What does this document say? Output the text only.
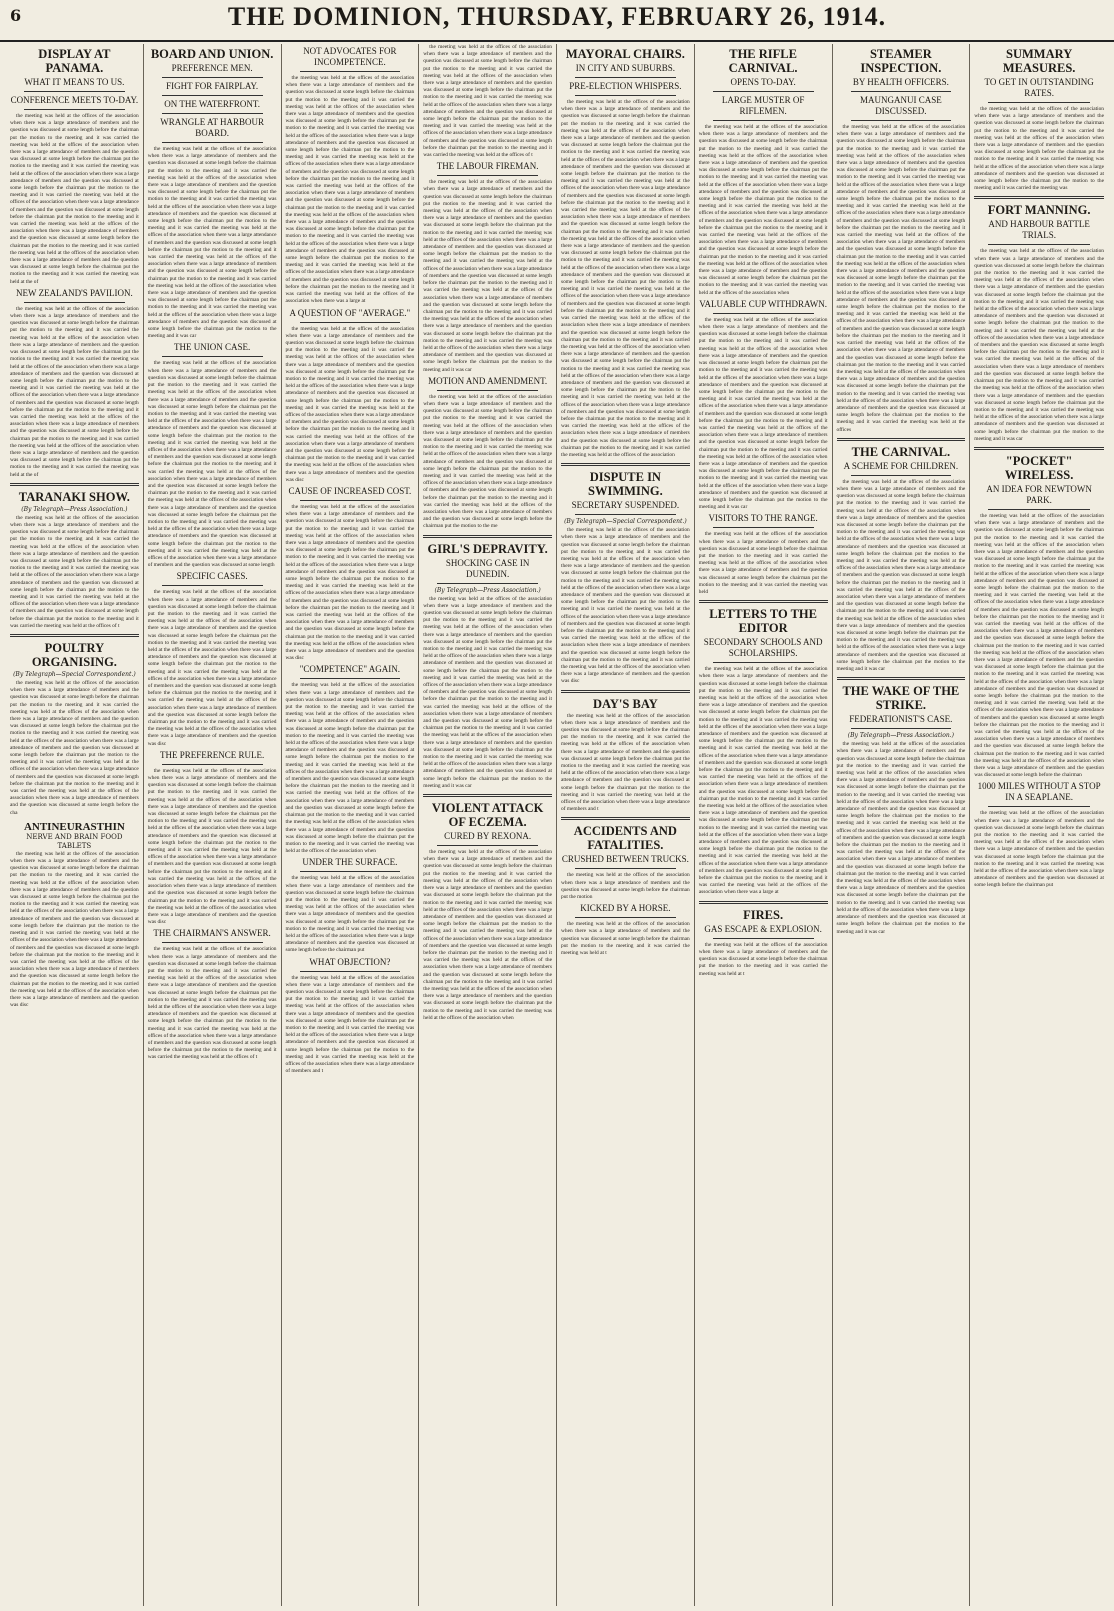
6	THE DOMINION, THURSDAY, FEBRUARY 26, 1914.
DISPLAY AT PANAMA.
WHAT IT MEANS TO US.
CONFERENCE MEETS TO-DAY.

the meeting was held at the offices of the association when there was a large attendance of members and the question was discussed at some length before the chairman put the motion to the meeting and it was carried the meeting was held at the offices of the association when there was a large attendance of members and the question was discussed at some length before the chairman put the motion to the meeting and it was carried the meeting was held at the offices of the association when there was a large attendance of members and the question was discussed at some length before the chairman put the motion to the meeting and it was carried the meeting was held at the offices of the association when there was a large attendance of members and the question was discussed at some length before the chairman put the motion to the meeting and it was carried the meeting was held at the offices of the association when there was a large attendance of members and the question was discussed at some length before the chairman put the motion to the meeting and it was carried the meeting was held at the offices of the association when there was a large attendance of members and the question was discussed at some length before the chairman put the motion to the meeting and it was carried the meeting was held at the of

NEW ZEALAND'S PAVILION.

the meeting was held at the offices of the association when there was a large attendance of members and the question was discussed at some length before the chairman put the motion to the meeting and it was carried the meeting was held at the offices of the association when there was a large attendance of members and the question was discussed at some length before the chairman put the motion to the meeting and it was carried the meeting was held at the offices of the association when there was a large attendance of members and the question was discussed at some length before the chairman put the motion to the meeting and it was carried the meeting was held at the offices of the association when there was a large attendance of members and the question was discussed at some length before the chairman put the motion to the meeting and it was carried the meeting was held at the offices of the association when there was a large attendance of members and the question was discussed at some length before the chairman put the motion to the meeting and it was carried the meeting was held at the offices of the association when there was a large attendance of members and the question was discussed at some length before the chairman put the motion to the meeting and it was carried the meeting was held at the of

TARANAKI SHOW.
(By Telegraph—Press Association.)

the meeting was held at the offices of the association when there was a large attendance of members and the question was discussed at some length before the chairman put the motion to the meeting and it was carried the meeting was held at the offices of the association when there was a large attendance of members and the question was discussed at some length before the chairman put the motion to the meeting and it was carried the meeting was held at the offices of the association when there was a large attendance of members and the question was discussed at some length before the chairman put the motion to the meeting and it was carried the meeting was held at the offices of the association when there was a large attendance of members and the question was discussed at some length before the chairman put the motion to the meeting and it was carried the meeting was held at the offices of t

POULTRY ORGANISING.
(By Telegraph—Special Correspondent.)

the meeting was held at the offices of the association when there was a large attendance of members and the question was discussed at some length before the chairman put the motion to the meeting and it was carried the meeting was held at the offices of the association when there was a large attendance of members and the question was discussed at some length before the chairman put the motion to the meeting and it was carried the meeting was held at the offices of the association when there was a large attendance of members and the question was discussed at some length before the chairman put the motion to the meeting and it was carried the meeting was held at the offices of the association when there was a large attendance of members and the question was discussed at some length before the chairman put the motion to the meeting and it was carried the meeting was held at the offices of the association when there was a large attendance of members and the question was discussed at some length before the cha

ANTINEURASTHIN
NERVE AND BRAIN FOOD TABLETS

the meeting was held at the offices of the association when there was a large attendance of members and the question was discussed at some length before the chairman put the motion to the meeting and it was carried the meeting was held at the offices of the association when there was a large attendance of members and the question was discussed at some length before the chairman put the motion to the meeting and it was carried the meeting was held at the offices of the association when there was a large attendance of members and the question was discussed at some length before the chairman put the motion to the meeting and it was carried the meeting was held at the offices of the association when there was a large attendance of members and the question was discussed at some length before the chairman put the motion to the meeting and it was carried the meeting was held at the offices of the association when there was a large attendance of members and the question was discussed at some length before the chairman put the motion to the meeting and it was carried the meeting was held at the offices of the association when there was a large attendance of members and the question was disc

BOARD AND UNION.
PREFERENCE MEN.
FIGHT FOR FAIRPLAY.
ON THE WATERFRONT.
WRANGLE AT HARBOUR BOARD.

the meeting was held at the offices of the association when there was a large attendance of members and the question was discussed at some length before the chairman put the motion to the meeting and it was carried the meeting was held at the offices of the association when there was a large attendance of members and the question was discussed at some length before the chairman put the motion to the meeting and it was carried the meeting was held at the offices of the association when there was a large attendance of members and the question was discussed at some length before the chairman put the motion to the meeting and it was carried the meeting was held at the offices of the association when there was a large attendance of members and the question was discussed at some length before the chairman put the motion to the meeting and it was carried the meeting was held at the offices of the association when there was a large attendance of members and the question was discussed at some length before the chairman put the motion to the meeting and it was carried the meeting was held at the offices of the association when there was a large attendance of members and the question was discussed at some length before the chairman put the motion to the meeting and it was carried the meeting was held at the offices of the association when there was a large attendance of members and the question was discussed at some length before the chairman put the motion to the meeting and it was car

THE UNION CASE.

the meeting was held at the offices of the association when there was a large attendance of members and the question was discussed at some length before the chairman put the motion to the meeting and it was carried the meeting was held at the offices of the association when there was a large attendance of members and the question was discussed at some length before the chairman put the motion to the meeting and it was carried the meeting was held at the offices of the association when there was a large attendance of members and the question was discussed at some length before the chairman put the motion to the meeting and it was carried the meeting was held at the offices of the association when there was a large attendance of members and the question was discussed at some length before the chairman put the motion to the meeting and it was carried the meeting was held at the offices of the association when there was a large attendance of members and the question was discussed at some length before the chairman put the motion to the meeting and it was carried the meeting was held at the offices of the association when there was a large attendance of members and the question was discussed at some length before the chairman put the motion to the meeting and it was carried the meeting was held at the offices of the association when there was a large attendance of members and the question was discussed at some length before the chairman put the motion to the meeting and it was carried the meeting was held at the offices of the association when there was a large attendance of members and the question was discussed at some length

SPECIFIC CASES.

the meeting was held at the offices of the association when there was a large attendance of members and the question was discussed at some length before the chairman put the motion to the meeting and it was carried the meeting was held at the offices of the association when there was a large attendance of members and the question was discussed at some length before the chairman put the motion to the meeting and it was carried the meeting was held at the offices of the association when there was a large attendance of members and the question was discussed at some length before the chairman put the motion to the meeting and it was carried the meeting was held at the offices of the association when there was a large attendance of members and the question was discussed at some length before the chairman put the motion to the meeting and it was carried the meeting was held at the offices of the association when there was a large attendance of members and the question was discussed at some length before the chairman put the motion to the meeting and it was carried the meeting was held at the offices of the association when there was a large attendance of members and the question was disc

THE PREFERENCE RULE.

the meeting was held at the offices of the association when there was a large attendance of members and the question was discussed at some length before the chairman put the motion to the meeting and it was carried the meeting was held at the offices of the association when there was a large attendance of members and the question was discussed at some length before the chairman put the motion to the meeting and it was carried the meeting was held at the offices of the association when there was a large attendance of members and the question was discussed at some length before the chairman put the motion to the meeting and it was carried the meeting was held at the offices of the association when there was a large attendance of members and the question was discussed at some length before the chairman put the motion to the meeting and it was carried the meeting was held at the offices of the association when there was a large attendance of members and the question was discussed at some length before the chairman put the motion to the meeting and it was carried the meeting was held at the offices of the association when there was a large attendance of members and the question was disc

THE CHAIRMAN'S ANSWER.

the meeting was held at the offices of the association when there was a large attendance of members and the question was discussed at some length before the chairman put the motion to the meeting and it was carried the meeting was held at the offices of the association when there was a large attendance of members and the question was discussed at some length before the chairman put the motion to the meeting and it was carried the meeting was held at the offices of the association when there was a large attendance of members and the question was discussed at some length before the chairman put the motion to the meeting and it was carried the meeting was held at the offices of the association when there was a large attendance of members and the question was discussed at some length before the chairman put the motion to the meeting and it was carried the meeting was held at the offices of t

NOT ADVOCATES FOR INCOMPETENCE.

the meeting was held at the offices of the association when there was a large attendance of members and the question was discussed at some length before the chairman put the motion to the meeting and it was carried the meeting was held at the offices of the association when there was a large attendance of members and the question was discussed at some length before the chairman put the motion to the meeting and it was carried the meeting was held at the offices of the association when there was a large attendance of members and the question was discussed at some length before the chairman put the motion to the meeting and it was carried the meeting was held at the offices of the association when there was a large attendance of members and the question was discussed at some length before the chairman put the motion to the meeting and it was carried the meeting was held at the offices of the association when there was a large attendance of members and the question was discussed at some length before the chairman put the motion to the meeting and it was carried the meeting was held at the offices of the association when there was a large attendance of members and the question was discussed at some length before the chairman put the motion to the meeting and it was carried the meeting was held at the offices of the association when there was a large attendance of members and the question was discussed at some length before the chairman put the motion to the meeting and it was carried the meeting was held at the offices of the association when there was a large attendance of members and the question was discussed at some length before the chairman put the motion to the meeting and it was carried the meeting was held at the offices of the association when there was a large at

A QUESTION OF "AVERAGE."

the meeting was held at the offices of the association when there was a large attendance of members and the question was discussed at some length before the chairman put the motion to the meeting and it was carried the meeting was held at the offices of the association when there was a large attendance of members and the question was discussed at some length before the chairman put the motion to the meeting and it was carried the meeting was held at the offices of the association when there was a large attendance of members and the question was discussed at some length before the chairman put the motion to the meeting and it was carried the meeting was held at the offices of the association when there was a large attendance of members and the question was discussed at some length before the chairman put the motion to the meeting and it was carried the meeting was held at the offices of the association when there was a large attendance of members and the question was discussed at some length before the chairman put the motion to the meeting and it was carried the meeting was held at the offices of the association when there was a large attendance of members and the question was disc

CAUSE OF INCREASED COST.

the meeting was held at the offices of the association when there was a large attendance of members and the question was discussed at some length before the chairman put the motion to the meeting and it was carried the meeting was held at the offices of the association when there was a large attendance of members and the question was discussed at some length before the chairman put the motion to the meeting and it was carried the meeting was held at the offices of the association when there was a large attendance of members and the question was discussed at some length before the chairman put the motion to the meeting and it was carried the meeting was held at the offices of the association when there was a large attendance of members and the question was discussed at some length before the chairman put the motion to the meeting and it was carried the meeting was held at the offices of the association when there was a large attendance of members and the question was discussed at some length before the chairman put the motion to the meeting and it was carried the meeting was held at the offices of the association when there was a large attendance of members and the question was disc

"COMPETENCE" AGAIN.

the meeting was held at the offices of the association when there was a large attendance of members and the question was discussed at some length before the chairman put the motion to the meeting and it was carried the meeting was held at the offices of the association when there was a large attendance of members and the question was discussed at some length before the chairman put the motion to the meeting and it was carried the meeting was held at the offices of the association when there was a large attendance of members and the question was discussed at some length before the chairman put the motion to the meeting and it was carried the meeting was held at the offices of the association when there was a large attendance of members and the question was discussed at some length before the chairman put the motion to the meeting and it was carried the meeting was held at the offices of the association when there was a large attendance of members and the question was discussed at some length before the chairman put the motion to the meeting and it was carried the meeting was held at the offices of the association when there was a large attendance of members and the question was discussed at some length before the chairman put the motion to the meeting and it was carried the meeting was held at the offices of the association when

UNDER THE SURFACE.

the meeting was held at the offices of the association when there was a large attendance of members and the question was discussed at some length before the chairman put the motion to the meeting and it was carried the meeting was held at the offices of the association when there was a large attendance of members and the question was discussed at some length before the chairman put the motion to the meeting and it was carried the meeting was held at the offices of the association when there was a large attendance of members and the question was discussed at some length before the chairman put

WHAT OBJECTION?

the meeting was held at the offices of the association when there was a large attendance of members and the question was discussed at some length before the chairman put the motion to the meeting and it was carried the meeting was held at the offices of the association when there was a large attendance of members and the question was discussed at some length before the chairman put the motion to the meeting and it was carried the meeting was held at the offices of the association when there was a large attendance of members and the question was discussed at some length before the chairman put the motion to the meeting and it was carried the meeting was held at the offices of the association when there was a large attendance of members and t

the meeting was held at the offices of the association when there was a large attendance of members and the question was discussed at some length before the chairman put the motion to the meeting and it was carried the meeting was held at the offices of the association when there was a large attendance of members and the question was discussed at some length before the chairman put the motion to the meeting and it was carried the meeting was held at the offices of the association when there was a large attendance of members and the question was discussed at some length before the chairman put the motion to the meeting and it was carried the meeting was held at the offices of the association when there was a large attendance of members and the question was discussed at some length before the chairman put the motion to the meeting and it was carried the meeting was held at the offices of t

THE LABOUR FIREMAN.

the meeting was held at the offices of the association when there was a large attendance of members and the question was discussed at some length before the chairman put the motion to the meeting and it was carried the meeting was held at the offices of the association when there was a large attendance of members and the question was discussed at some length before the chairman put the motion to the meeting and it was carried the meeting was held at the offices of the association when there was a large attendance of members and the question was discussed at some length before the chairman put the motion to the meeting and it was carried the meeting was held at the offices of the association when there was a large attendance of members and the question was discussed at some length before the chairman put the motion to the meeting and it was carried the meeting was held at the offices of the association when there was a large attendance of members and the question was discussed at some length before the chairman put the motion to the meeting and it was carried the meeting was held at the offices of the association when there was a large attendance of members and the question was discussed at some length before the chairman put the motion to the meeting and it was carried the meeting was held at the offices of the association when there was a large attendance of members and the question was discussed at some length before the chairman put the motion to the meeting and it was car

MOTION AND AMENDMENT.

the meeting was held at the offices of the association when there was a large attendance of members and the question was discussed at some length before the chairman put the motion to the meeting and it was carried the meeting was held at the offices of the association when there was a large attendance of members and the question was discussed at some length before the chairman put the motion to the meeting and it was carried the meeting was held at the offices of the association when there was a large attendance of members and the question was discussed at some length before the chairman put the motion to the meeting and it was carried the meeting was held at the offices of the association when there was a large attendance of members and the question was discussed at some length before the chairman put the motion to the meeting and it was carried the meeting was held at the offices of the association when there was a large attendance of members and the question was discussed at some length before the chairman put the motion to the me

GIRL'S DEPRAVITY.
SHOCKING CASE IN DUNEDIN.
(By Telegraph—Press Association.)

the meeting was held at the offices of the association when there was a large attendance of members and the question was discussed at some length before the chairman put the motion to the meeting and it was carried the meeting was held at the offices of the association when there was a large attendance of members and the question was discussed at some length before the chairman put the motion to the meeting and it was carried the meeting was held at the offices of the association when there was a large attendance of members and the question was discussed at some length before the chairman put the motion to the meeting and it was carried the meeting was held at the offices of the association when there was a large attendance of members and the question was discussed at some length before the chairman put the motion to the meeting and it was carried the meeting was held at the offices of the association when there was a large attendance of members and the question was discussed at some length before the chairman put the motion to the meeting and it was carried the meeting was held at the offices of the association when there was a large attendance of members and the question was discussed at some length before the chairman put the motion to the meeting and it was carried the meeting was held at the offices of the association when there was a large attendance of members and the question was discussed at some length before the chairman put the motion to the meeting and it was car

VIOLENT ATTACK OF ECZEMA.
CURED BY REXONA.

the meeting was held at the offices of the association when there was a large attendance of members and the question was discussed at some length before the chairman put the motion to the meeting and it was carried the meeting was held at the offices of the association when there was a large attendance of members and the question was discussed at some length before the chairman put the motion to the meeting and it was carried the meeting was held at the offices of the association when there was a large attendance of members and the question was discussed at some length before the chairman put the motion to the meeting and it was carried the meeting was held at the offices of the association when there was a large attendance of members and the question was discussed at some length before the chairman put the motion to the meeting and it was carried the meeting was held at the offices of the association when there was a large attendance of members and the question was discussed at some length before the chairman put the motion to the meeting and it was carried the meeting was held at the offices of the association when there was a large attendance of members and the question was discussed at some length before the chairman put the motion to the meeting and it was carried the meeting was held at the offices of the association when

MAYORAL CHAIRS.
IN CITY AND SUBURBS.
PRE-ELECTION WHISPERS.

the meeting was held at the offices of the association when there was a large attendance of members and the question was discussed at some length before the chairman put the motion to the meeting and it was carried the meeting was held at the offices of the association when there was a large attendance of members and the question was discussed at some length before the chairman put the motion to the meeting and it was carried the meeting was held at the offices of the association when there was a large attendance of members and the question was discussed at some length before the chairman put the motion to the meeting and it was carried the meeting was held at the offices of the association when there was a large attendance of members and the question was discussed at some length before the chairman put the motion to the meeting and it was carried the meeting was held at the offices of the association when there was a large attendance of members and the question was discussed at some length before the chairman put the motion to the meeting and it was carried the meeting was held at the offices of the association when there was a large attendance of members and the question was discussed at some length before the chairman put the motion to the meeting and it was carried the meeting was held at the offices of the association when there was a large attendance of members and the question was discussed at some length before the chairman put the motion to the meeting and it was carried the meeting was held at the offices of the association when there was a large attendance of members and the question was discussed at some length before the chairman put the motion to the meeting and it was carried the meeting was held at the offices of the association when there was a large attendance of members and the question was discussed at some length before the chairman put the motion to the meeting and it was carried the meeting was held at the offices of the association when there was a large attendance of members and the question was discussed at some length before the chairman put the motion to the meeting and it was carried the meeting was held at the offices of the association when there was a large attendance of members and the question was discussed at some length before the chairman put the motion to the meeting and it was carried the meeting was held at the offices of the association when there was a large attendance of members and the question was discussed at some length before the chairman put the motion to the meeting and it was carried the meeting was held at the offices of the association when there was a large attendance of members and the question was discussed at some length before the chairman put the motion to the meeting and it was carried the meeting was held at the offices of the association

DISPUTE IN SWIMMING.
SECRETARY SUSPENDED.
(By Telegraph—Special Correspondent.)

the meeting was held at the offices of the association when there was a large attendance of members and the question was discussed at some length before the chairman put the motion to the meeting and it was carried the meeting was held at the offices of the association when there was a large attendance of members and the question was discussed at some length before the chairman put the motion to the meeting and it was carried the meeting was held at the offices of the association when there was a large attendance of members and the question was discussed at some length before the chairman put the motion to the meeting and it was carried the meeting was held at the offices of the association when there was a large attendance of members and the question was discussed at some length before the chairman put the motion to the meeting and it was carried the meeting was held at the offices of the association when there was a large attendance of members and the question was discussed at some length before the chairman put the motion to the meeting and it was carried the meeting was held at the offices of the association when there was a large attendance of members and the question was disc

DAY'S BAY

the meeting was held at the offices of the association when there was a large attendance of members and the question was discussed at some length before the chairman put the motion to the meeting and it was carried the meeting was held at the offices of the association when there was a large attendance of members and the question was discussed at some length before the chairman put the motion to the meeting and it was carried the meeting was held at the offices of the association when there was a large attendance of members and the question was discussed at some length before the chairman put the motion to the meeting and it was carried the meeting was held at the offices of the association when there was a large attendance of members and t

ACCIDENTS AND FATALITIES.
CRUSHED BETWEEN TRUCKS.

the meeting was held at the offices of the association when there was a large attendance of members and the question was discussed at some length before the chairman put the motion

KICKED BY A HORSE.

the meeting was held at the offices of the association when there was a large attendance of members and the question was discussed at some length before the chairman put the motion to the meeting and it was carried the meeting was held at t

THE RIFLE CARNIVAL.
OPENS TO-DAY.
LARGE MUSTER OF RIFLEMEN.

the meeting was held at the offices of the association when there was a large attendance of members and the question was discussed at some length before the chairman put the motion to the meeting and it was carried the meeting was held at the offices of the association when there was a large attendance of members and the question was discussed at some length before the chairman put the motion to the meeting and it was carried the meeting was held at the offices of the association when there was a large attendance of members and the question was discussed at some length before the chairman put the motion to the meeting and it was carried the meeting was held at the offices of the association when there was a large attendance of members and the question was discussed at some length before the chairman put the motion to the meeting and it was carried the meeting was held at the offices of the association when there was a large attendance of members and the question was discussed at some length before the chairman put the motion to the meeting and it was carried the meeting was held at the offices of the association when there was a large attendance of members and the question was discussed at some length before the chairman put the motion to the meeting and it was carried the meeting was held at the offices of the association when

VALUABLE CUP WITHDRAWN.

the meeting was held at the offices of the association when there was a large attendance of members and the question was discussed at some length before the chairman put the motion to the meeting and it was carried the meeting was held at the offices of the association when there was a large attendance of members and the question was discussed at some length before the chairman put the motion to the meeting and it was carried the meeting was held at the offices of the association when there was a large attendance of members and the question was discussed at some length before the chairman put the motion to the meeting and it was carried the meeting was held at the offices of the association when there was a large attendance of members and the question was discussed at some length before the chairman put the motion to the meeting and it was carried the meeting was held at the offices of the association when there was a large attendance of members and the question was discussed at some length before the chairman put the motion to the meeting and it was carried the meeting was held at the offices of the association when there was a large attendance of members and the question was discussed at some length before the chairman put the motion to the meeting and it was carried the meeting was held at the offices of the association when there was a large attendance of members and the question was discussed at some length before the chairman put the motion to the meeting and it was car

VISITORS TO THE RANGE.

the meeting was held at the offices of the association when there was a large attendance of members and the question was discussed at some length before the chairman put the motion to the meeting and it was carried the meeting was held at the offices of the association when there was a large attendance of members and the question was discussed at some length before the chairman put the motion to the meeting and it was carried the meeting was held

LETTERS TO THE EDITOR
SECONDARY SCHOOLS AND SCHOLARSHIPS.

the meeting was held at the offices of the association when there was a large attendance of members and the question was discussed at some length before the chairman put the motion to the meeting and it was carried the meeting was held at the offices of the association when there was a large attendance of members and the question was discussed at some length before the chairman put the motion to the meeting and it was carried the meeting was held at the offices of the association when there was a large attendance of members and the question was discussed at some length before the chairman put the motion to the meeting and it was carried the meeting was held at the offices of the association when there was a large attendance of members and the question was discussed at some length before the chairman put the motion to the meeting and it was carried the meeting was held at the offices of the association when there was a large attendance of members and the question was discussed at some length before the chairman put the motion to the meeting and it was carried the meeting was held at the offices of the association when there was a large attendance of members and the question was discussed at some length before the chairman put the motion to the meeting and it was carried the meeting was held at the offices of the association when there was a large attendance of members and the question was discussed at some length before the chairman put the motion to the meeting and it was carried the meeting was held at the offices of the association when there was a large attendance of members and the question was discussed at some length before the chairman put the motion to the meeting and it was carried the meeting was held at the offices of the association when there was a large at

FIRES.
GAS ESCAPE & EXPLOSION.

the meeting was held at the offices of the association when there was a large attendance of members and the question was discussed at some length before the chairman put the motion to the meeting and it was carried the meeting was held at t

STEAMER INSPECTION.
BY HEALTH OFFICERS.
MAUNGANUI CASE DISCUSSED.

the meeting was held at the offices of the association when there was a large attendance of members and the question was discussed at some length before the chairman put the motion to the meeting and it was carried the meeting was held at the offices of the association when there was a large attendance of members and the question was discussed at some length before the chairman put the motion to the meeting and it was carried the meeting was held at the offices of the association when there was a large attendance of members and the question was discussed at some length before the chairman put the motion to the meeting and it was carried the meeting was held at the offices of the association when there was a large attendance of members and the question was discussed at some length before the chairman put the motion to the meeting and it was carried the meeting was held at the offices of the association when there was a large attendance of members and the question was discussed at some length before the chairman put the motion to the meeting and it was carried the meeting was held at the offices of the association when there was a large attendance of members and the question was discussed at some length before the chairman put the motion to the meeting and it was carried the meeting was held at the offices of the association when there was a large attendance of members and the question was discussed at some length before the chairman put the motion to the meeting and it was carried the meeting was held at the offices of the association when there was a large attendance of members and the question was discussed at some length before the chairman put the motion to the meeting and it was carried the meeting was held at the offices of the association when there was a large attendance of members and the question was discussed at some length before the chairman put the motion to the meeting and it was carried the meeting was held at the offices of the association when there was a large attendance of members and the question was discussed at some length before the chairman put the motion to the meeting and it was carried the meeting was held at the offices of the association when there was a large attendance of members and the question was discussed at some length before the chairman put the motion to the meeting and it was carried the meeting was held at the offices

THE CARNIVAL.
A SCHEME FOR CHILDREN.

the meeting was held at the offices of the association when there was a large attendance of members and the question was discussed at some length before the chairman put the motion to the meeting and it was carried the meeting was held at the offices of the association when there was a large attendance of members and the question was discussed at some length before the chairman put the motion to the meeting and it was carried the meeting was held at the offices of the association when there was a large attendance of members and the question was discussed at some length before the chairman put the motion to the meeting and it was carried the meeting was held at the offices of the association when there was a large attendance of members and the question was discussed at some length before the chairman put the motion to the meeting and it was carried the meeting was held at the offices of the association when there was a large attendance of members and the question was discussed at some length before the chairman put the motion to the meeting and it was carried the meeting was held at the offices of the association when there was a large attendance of members and the question was discussed at some length before the chairman put the motion to the meeting and it was carried the meeting was held at the offices of the association when there was a large attendance of members and the question was discussed at some length before the chairman put the motion to the meeting and it was car

THE WAKE OF THE STRIKE.
FEDERATIONIST'S CASE.
(By Telegraph—Press Association.)

the meeting was held at the offices of the association when there was a large attendance of members and the question was discussed at some length before the chairman put the motion to the meeting and it was carried the meeting was held at the offices of the association when there was a large attendance of members and the question was discussed at some length before the chairman put the motion to the meeting and it was carried the meeting was held at the offices of the association when there was a large attendance of members and the question was discussed at some length before the chairman put the motion to the meeting and it was carried the meeting was held at the offices of the association when there was a large attendance of members and the question was discussed at some length before the chairman put the motion to the meeting and it was carried the meeting was held at the offices of the association when there was a large attendance of members and the question was discussed at some length before the chairman put the motion to the meeting and it was carried the meeting was held at the offices of the association when there was a large attendance of members and the question was discussed at some length before the chairman put the motion to the meeting and it was carried the meeting was held at the offices of the association when there was a large attendance of members and the question was discussed at some length before the chairman put the motion to the meeting and it was car

SUMMARY MEASURES.
TO GET IN OUTSTANDING RATES.

the meeting was held at the offices of the association when there was a large attendance of members and the question was discussed at some length before the chairman put the motion to the meeting and it was carried the meeting was held at the offices of the association when there was a large attendance of members and the question was discussed at some length before the chairman put the motion to the meeting and it was carried the meeting was held at the offices of the association when there was a large attendance of members and the question was discussed at some length before the chairman put the motion to the meeting and it was carried the meeting was

FORT MANNING.
AND HARBOUR BATTLE TRIALS.

the meeting was held at the offices of the association when there was a large attendance of members and the question was discussed at some length before the chairman put the motion to the meeting and it was carried the meeting was held at the offices of the association when there was a large attendance of members and the question was discussed at some length before the chairman put the motion to the meeting and it was carried the meeting was held at the offices of the association when there was a large attendance of members and the question was discussed at some length before the chairman put the motion to the meeting and it was carried the meeting was held at the offices of the association when there was a large attendance of members and the question was discussed at some length before the chairman put the motion to the meeting and it was carried the meeting was held at the offices of the association when there was a large attendance of members and the question was discussed at some length before the chairman put the motion to the meeting and it was carried the meeting was held at the offices of the association when there was a large attendance of members and the question was discussed at some length before the chairman put the motion to the meeting and it was carried the meeting was held at the offices of the association when there was a large attendance of members and the question was discussed at some length before the chairman put the motion to the meeting and it was car

"POCKET" WIRELESS.
AN IDEA FOR NEWTOWN PARK.

the meeting was held at the offices of the association when there was a large attendance of members and the question was discussed at some length before the chairman put the motion to the meeting and it was carried the meeting was held at the offices of the association when there was a large attendance of members and the question was discussed at some length before the chairman put the motion to the meeting and it was carried the meeting was held at the offices of the association when there was a large attendance of members and the question was discussed at some length before the chairman put the motion to the meeting and it was carried the meeting was held at the offices of the association when there was a large attendance of members and the question was discussed at some length before the chairman put the motion to the meeting and it was carried the meeting was held at the offices of the association when there was a large attendance of members and the question was discussed at some length before the chairman put the motion to the meeting and it was carried the meeting was held at the offices of the association when there was a large attendance of members and the question was discussed at some length before the chairman put the motion to the meeting and it was carried the meeting was held at the offices of the association when there was a large attendance of members and the question was discussed at some length before the chairman put the motion to the meeting and it was carried the meeting was held at the offices of the association when there was a large attendance of members and the question was discussed at some length before the chairman put the motion to the meeting and it was carried the meeting was held at the offices of the association when there was a large attendance of members and the question was discussed at some length before the chairman put the motion to the meeting and it was carried the meeting was held at the offices of the association when there was a large attendance of members and the question was discussed at some length before the chairman

1000 MILES WITHOUT A STOP IN A SEAPLANE.

the meeting was held at the offices of the association when there was a large attendance of members and the question was discussed at some length before the chairman put the motion to the meeting and it was carried the meeting was held at the offices of the association when there was a large attendance of members and the question was discussed at some length before the chairman put the motion to the meeting and it was carried the meeting was held at the offices of the association when there was a large attendance of members and the question was discussed at some length before the chairman put
